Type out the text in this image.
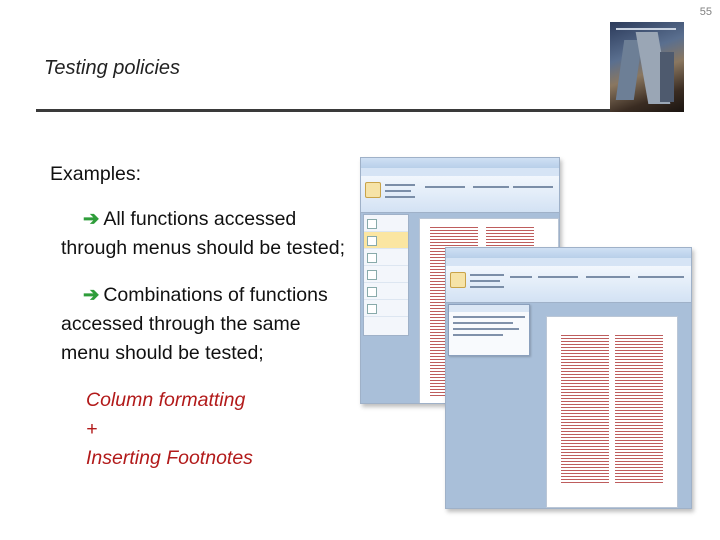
55
Testing policies
Examples:
➔ All functions accessed through menus should be tested;
➔ Combinations of functions accessed through the same menu should be tested;
Column formatting
+
Inserting Footnotes
